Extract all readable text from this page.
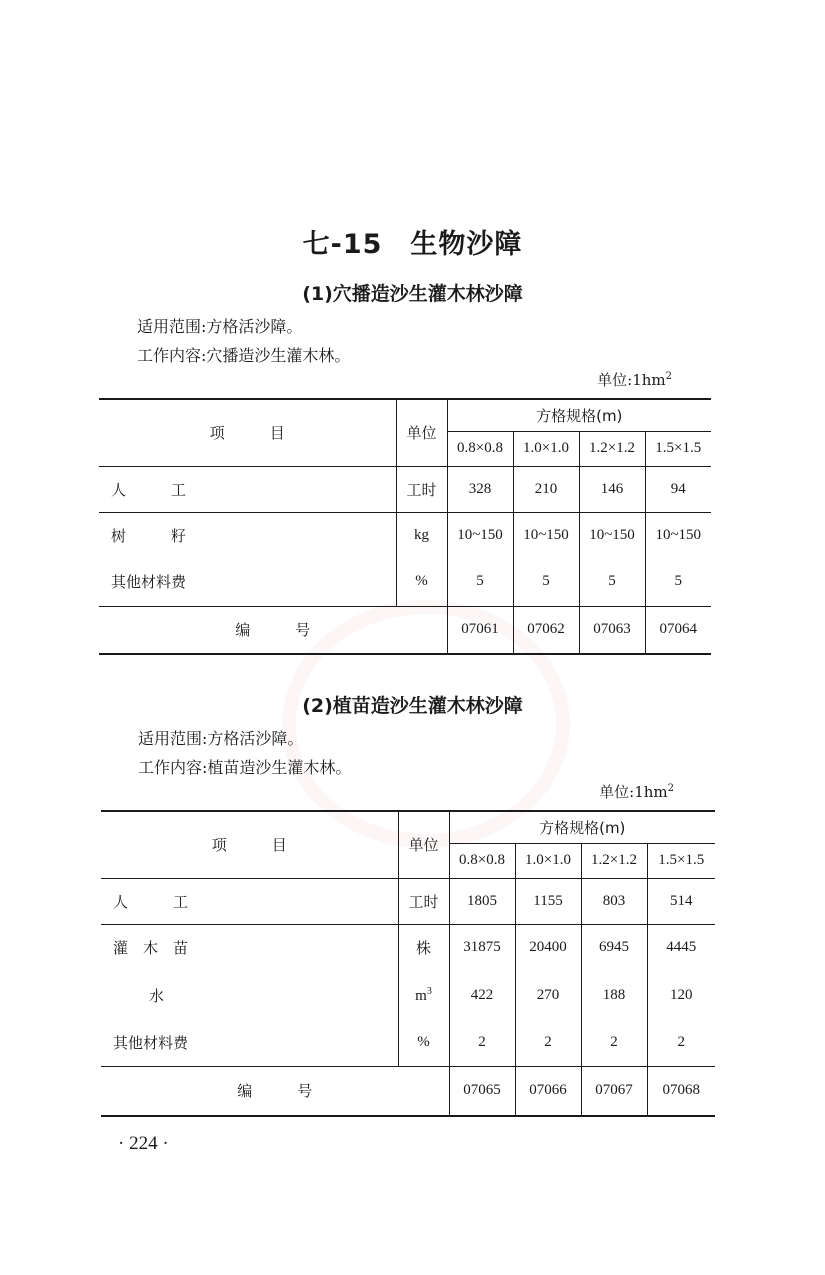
七-15　生物沙障
(1)穴播造沙生灌木林沙障
适用范围:方格活沙障。
工作内容:穴播造沙生灌木林。
单位$:1hm^2$
项　　　目	单位	方格规格(m)			
		0.8×0.8	1.0×1.0	1.2×1.2	1.5×1.5
人　　　工	工时	328	210	146	94
树　　　籽	kg	10~150	10~150	10~150	10~150
其他材料费	%	5	5	5	5
编　　　号		07061	07062	07063	07064
(2)植苗造沙生灌木林沙障
适用范围:方格活沙障。
工作内容:植苗造沙生灌木林。
单位$:1hm^2$
项　　　目	单位	方格规格(m)			
		0.8×0.8	1.0×1.0	1.2×1.2	1.5×1.5
人　　　工	工时	1805	1155	803	514
灌　木　苗	株	31875	20400	6945	4445
水	$m^3$	422	270	188	120
其他材料费	%	2	2	2	2
编　　　号		07065	07066	07067	07068
· 224 ·
